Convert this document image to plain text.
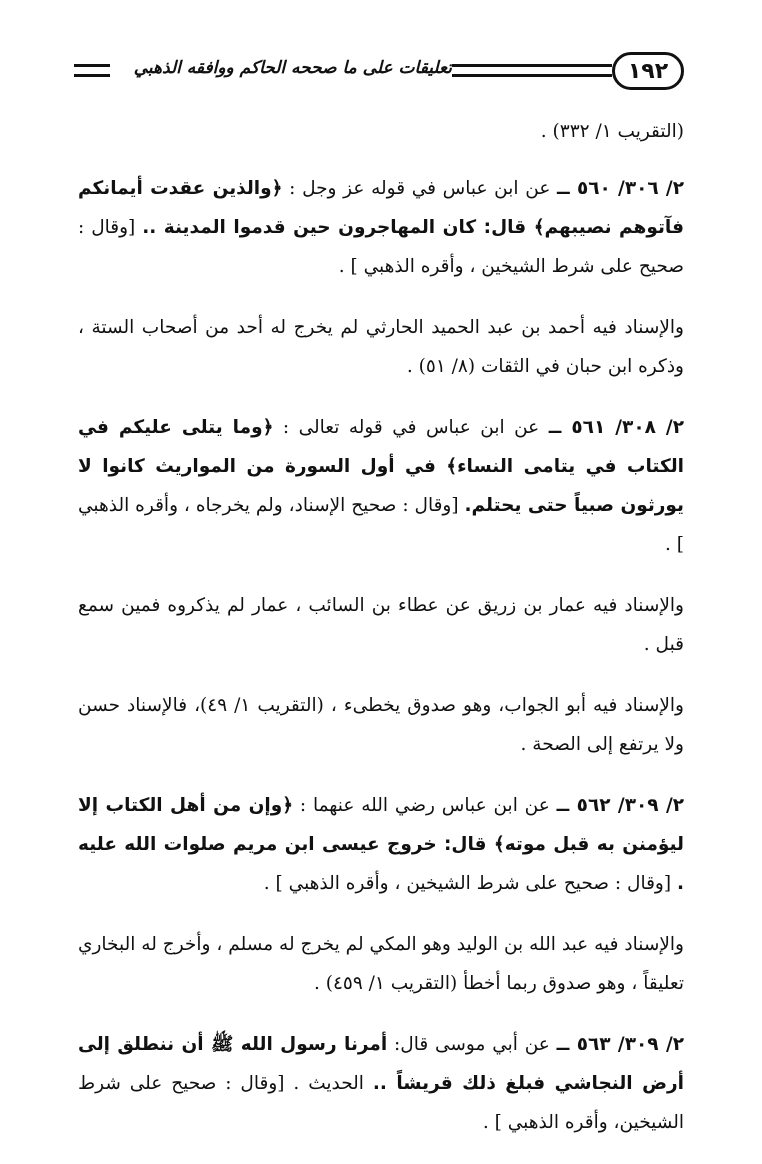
١٩٢
تعليقات على ما صححه الحاكم ووافقه الذهبي

(التقريب ١/ ٣٣٢) .

٢/ ٣٠٦/ ٥٦٠ ــ عن ابن عباس في قوله عز وجل : ﴿والذين عقدت أيمانكم فآتوهم نصيبهم﴾ قال: كان المهاجرون حين قدموا المدينة .. [وقال : صحيح على شرط الشيخين ، وأقره الذهبي ] .

والإسناد فيه أحمد بن عبد الحميد الحارثي لم يخرج له أحد من أصحاب الستة ، وذكره ابن حبان في الثقات (٨/ ٥١) .

٢/ ٣٠٨/ ٥٦١ ــ عن ابن عباس في قوله تعالى : ﴿وما يتلى عليكم في الكتاب في يتامى النساء﴾ في أول السورة من المواريث كانوا لا يورثون صبياً حتى يحتلم. [وقال : صحيح الإسناد، ولم يخرجاه ، وأقره الذهبي ] .

والإسناد فيه عمار بن زريق عن عطاء بن السائب ، عمار لم يذكروه فمين سمع قبل .

والإسناد فيه أبو الجواب، وهو صدوق يخطىء ، (التقريب ١/ ٤٩)، فالإسناد حسن ولا يرتفع إلى الصحة .

٢/ ٣٠٩/ ٥٦٢ ــ عن ابن عباس رضي الله عنهما : ﴿وإن من أهل الكتاب إلا ليؤمنن به قبل موته﴾ قال: خروج عيسى ابن مريم صلوات الله عليه . [وقال : صحيح على شرط الشيخين ، وأقره الذهبي ] .

والإسناد فيه عبد الله بن الوليد وهو المكي لم يخرج له مسلم ، وأخرج له البخاري تعليقاً ، وهو صدوق ربما أخطأ (التقريب ١/ ٤٥٩) .

٢/ ٣٠٩/ ٥٦٣ ــ عن أبي موسى قال: أمرنا رسول الله ﷺ أن ننطلق إلى أرض النجاشي فبلغ ذلك قريشاً .. الحديث . [وقال : صحيح على شرط الشيخين، وأقره الذهبي ] .
